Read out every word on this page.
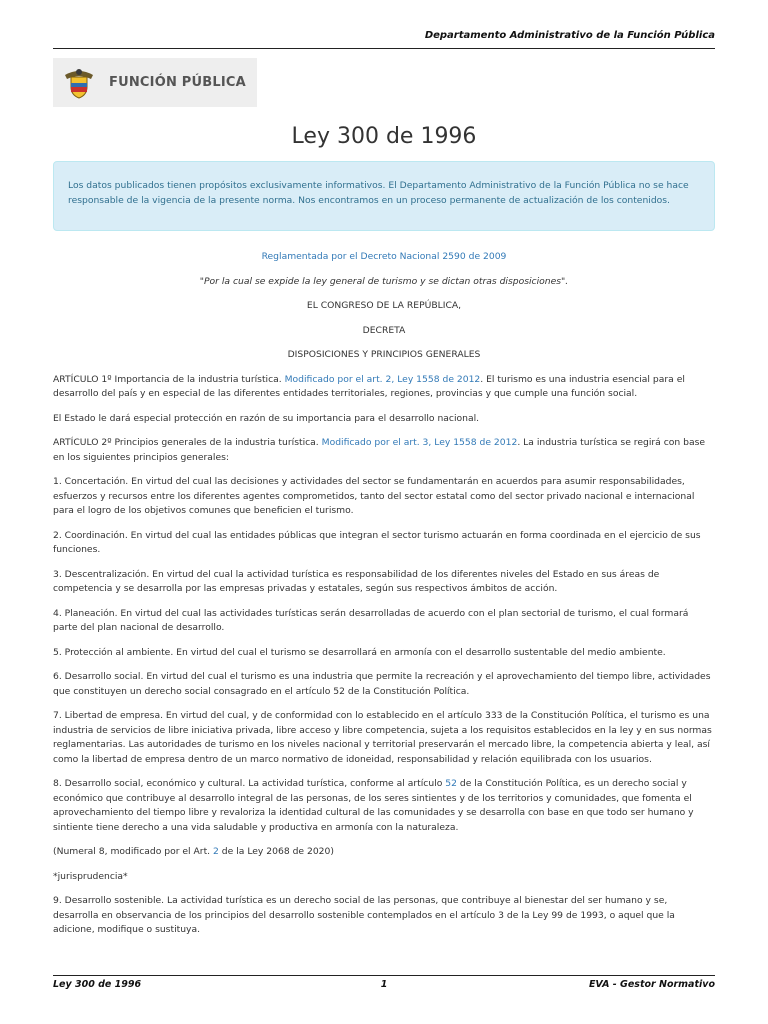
Departamento Administrativo de la Función Pública
FUNCIÓN PÚBLICA
Ley 300 de 1996
Los datos publicados tienen propósitos exclusivamente informativos. El Departamento Administrativo de la Función Pública no se hace responsable de la vigencia de la presente norma. Nos encontramos en un proceso permanente de actualización de los contenidos.

Reglamentada por el Decreto Nacional 2590 de 2009

"Por la cual se expide la ley general de turismo y se dictan otras disposiciones".

EL CONGRESO DE LA REPÚBLICA,

DECRETA

DISPOSICIONES Y PRINCIPIOS GENERALES

ARTÍCULO 1º Importancia de la industria turística. Modificado por el art. 2, Ley 1558 de 2012. El turismo es una industria esencial para el desarrollo del país y en especial de las diferentes entidades territoriales, regiones, provincias y que cumple una función social.

El Estado le dará especial protección en razón de su importancia para el desarrollo nacional.

ARTÍCULO 2º Principios generales de la industria turística. Modificado por el art. 3, Ley 1558 de 2012. La industria turística se regirá con base en los siguientes principios generales:

1. Concertación. En virtud del cual las decisiones y actividades del sector se fundamentarán en acuerdos para asumir responsabilidades, esfuerzos y recursos entre los diferentes agentes comprometidos, tanto del sector estatal como del sector privado nacional e internacional para el logro de los objetivos comunes que beneficien el turismo.

2. Coordinación. En virtud del cual las entidades públicas que integran el sector turismo actuarán en forma coordinada en el ejercicio de sus funciones.

3. Descentralización. En virtud del cual la actividad turística es responsabilidad de los diferentes niveles del Estado en sus áreas de competencia y se desarrolla por las empresas privadas y estatales, según sus respectivos ámbitos de acción.

4. Planeación. En virtud del cual las actividades turísticas serán desarrolladas de acuerdo con el plan sectorial de turismo, el cual formará parte del plan nacional de desarrollo.

5. Protección al ambiente. En virtud del cual el turismo se desarrollará en armonía con el desarrollo sustentable del medio ambiente.

6. Desarrollo social. En virtud del cual el turismo es una industria que permite la recreación y el aprovechamiento del tiempo libre, actividades que constituyen un derecho social consagrado en el artículo 52 de la Constitución Política.

7. Libertad de empresa. En virtud del cual, y de conformidad con lo establecido en el artículo 333 de la Constitución Política, el turismo es una industria de servicios de libre iniciativa privada, libre acceso y libre competencia, sujeta a los requisitos establecidos en la ley y en sus normas reglamentarias. Las autoridades de turismo en los niveles nacional y territorial preservarán el mercado libre, la competencia abierta y leal, así como la libertad de empresa dentro de un marco normativo de idoneidad, responsabilidad y relación equilibrada con los usuarios.

8. Desarrollo social, económico y cultural. La actividad turística, conforme al artículo 52 de la Constitución Política, es un derecho social y económico que contribuye al desarrollo integral de las personas, de los seres sintientes y de los territorios y comunidades, que fomenta el aprovechamiento del tiempo libre y revaloriza la identidad cultural de las comunidades y se desarrolla con base en que todo ser humano y sintiente tiene derecho a una vida saludable y productiva en armonía con la naturaleza.

(Numeral 8, modificado por el Art. 2 de la Ley 2068 de 2020)

*jurisprudencia*

9. Desarrollo sostenible. La actividad turística es un derecho social de las personas, que contribuye al bienestar del ser humano y se, desarrolla en observancia de los principios del desarrollo sostenible contemplados en el artículo 3 de la Ley 99 de 1993, o aquel que la adicione, modifique o sustituya.

Ley 300 de 1996	1	EVA - Gestor Normativo
